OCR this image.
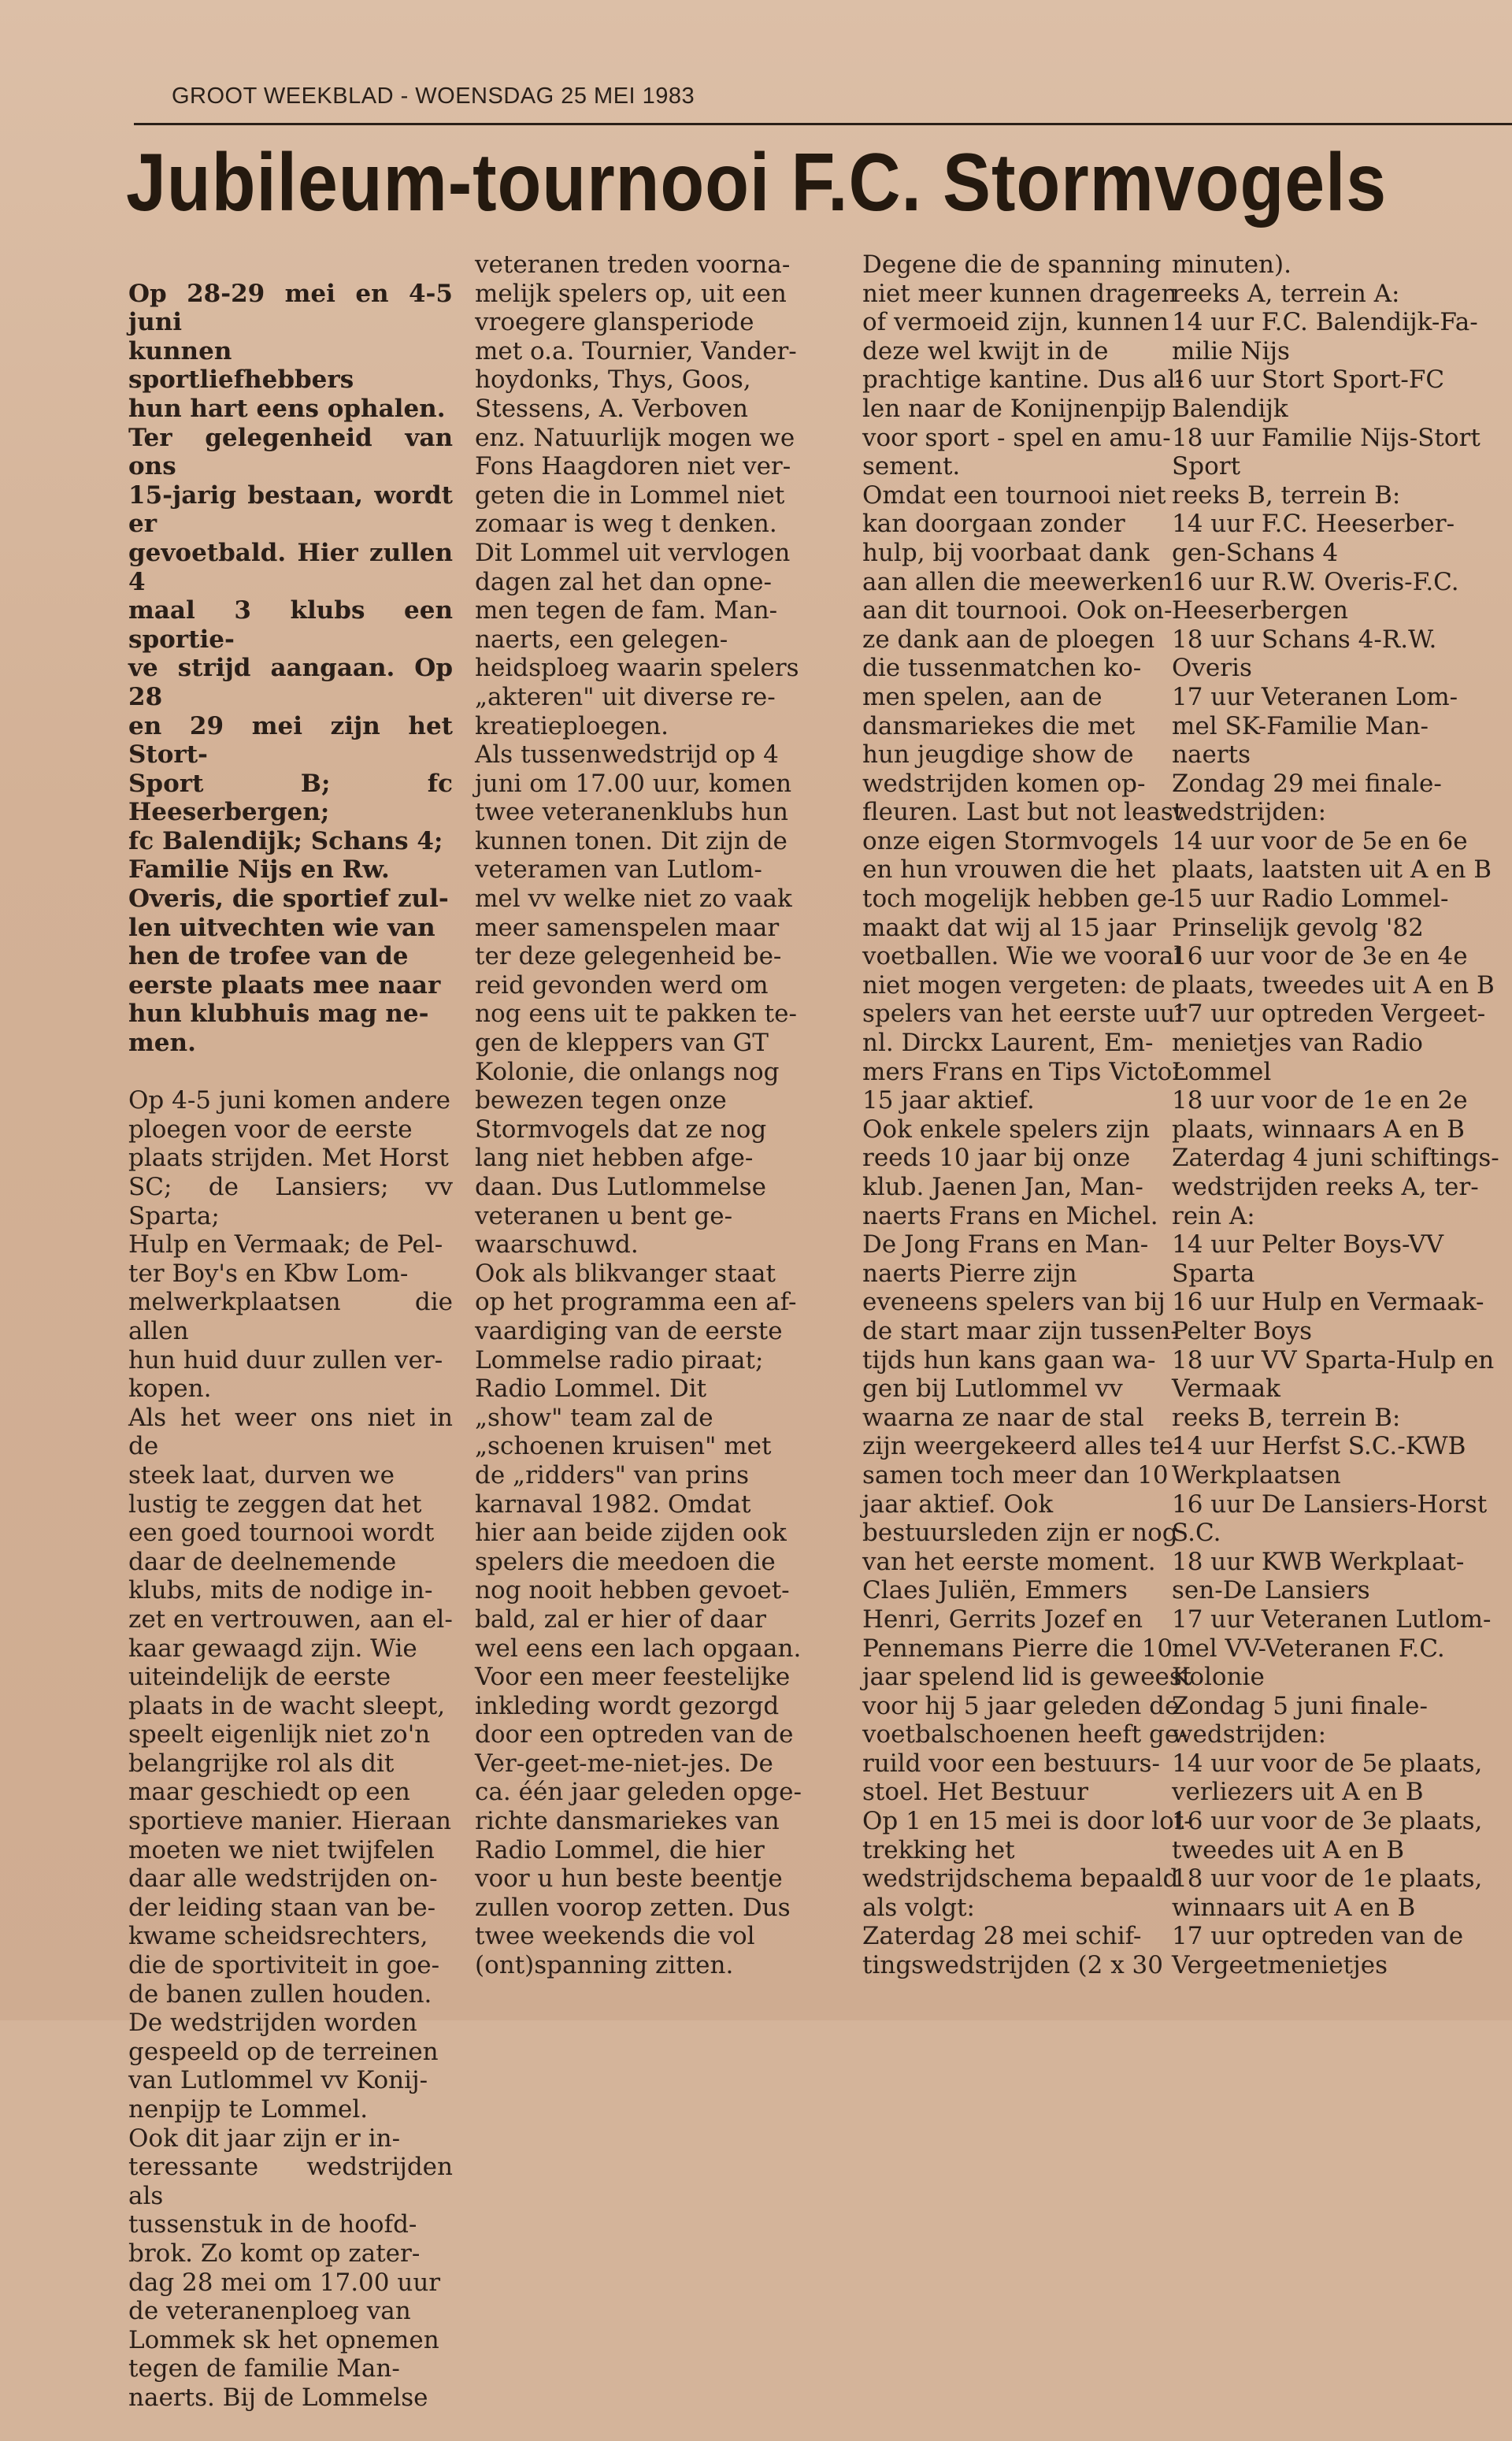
GROOT WEEKBLAD - WOENSDAG 25 MEI 1983
Jubileum-tournooi F.C. Stormvogels

Op 28-29 mei en 4-5 juni
kunnen sportliefhebbers
hun hart eens ophalen.
Ter gelegenheid van ons
15-jarig bestaan, wordt er
gevoetbald. Hier zullen 4
maal 3 klubs een sportie-
ve strijd aangaan. Op 28
en 29 mei zijn het Stort-
Sport B; fc Heeserbergen;
fc Balendijk; Schans 4;
Familie Nijs en Rw.
Overis, die sportief zul-
len uitvechten wie van
hen de trofee van de
eerste plaats mee naar
hun klubhuis mag ne-
men.

Op 4-5 juni komen andere
ploegen voor de eerste
plaats strijden. Met Horst
SC; de Lansiers; vv Sparta;
Hulp en Vermaak; de Pel-
ter Boy's en Kbw Lom-
melwerkplaatsen die allen
hun huid duur zullen ver-
kopen.
Als het weer ons niet in de
steek laat, durven we
lustig te zeggen dat het
een goed tournooi wordt
daar de deelnemende
klubs, mits de nodige in-
zet en vertrouwen, aan el-
kaar gewaagd zijn. Wie
uiteindelijk de eerste
plaats in de wacht sleept,
speelt eigenlijk niet zo'n
belangrijke rol als dit
maar geschiedt op een
sportieve manier. Hieraan
moeten we niet twijfelen
daar alle wedstrijden on-
der leiding staan van be-
kwame scheidsrechters,
die de sportiviteit in goe-
de banen zullen houden.
De wedstrijden worden
gespeeld op de terreinen
van Lutlommel vv Konij-
nenpijp te Lommel.
Ook dit jaar zijn er in-
teressante wedstrijden als
tussenstuk in de hoofd-
brok. Zo komt op zater-
dag 28 mei om 17.00 uur
de veteranenploeg van
Lommek sk het opnemen
tegen de familie Man-
naerts. Bij de Lommelse

veteranen treden voorna-
melijk spelers op, uit een
vroegere glansperiode
met o.a. Tournier, Vander-
hoydonks, Thys, Goos,
Stessens, A. Verboven
enz. Natuurlijk mogen we
Fons Haagdoren niet ver-
geten die in Lommel niet
zomaar is weg t denken.
Dit Lommel uit vervlogen
dagen zal het dan opne-
men tegen de fam. Man-
naerts, een gelegen-
heidsploeg waarin spelers
„akteren" uit diverse re-
kreatieploegen.
Als tussenwedstrijd op 4
juni om 17.00 uur, komen
twee veteranenklubs hun
kunnen tonen. Dit zijn de
veteramen van Lutlom-
mel vv welke niet zo vaak
meer samenspelen maar
ter deze gelegenheid be-
reid gevonden werd om
nog eens uit te pakken te-
gen de kleppers van GT
Kolonie, die onlangs nog
bewezen tegen onze
Stormvogels dat ze nog
lang niet hebben afge-
daan. Dus Lutlommelse
veteranen u bent ge-
waarschuwd.
Ook als blikvanger staat
op het programma een af-
vaardiging van de eerste
Lommelse radio piraat;
Radio Lommel. Dit
„show" team zal de
„schoenen kruisen" met
de „ridders" van prins
karnaval 1982. Omdat
hier aan beide zijden ook
spelers die meedoen die
nog nooit hebben gevoet-
bald, zal er hier of daar
wel eens een lach opgaan.
Voor een meer feestelijke
inkleding wordt gezorgd
door een optreden van de
Ver-geet-me-niet-jes. De
ca. één jaar geleden opge-
richte dansmariekes van
Radio Lommel, die hier
voor u hun beste beentje
zullen voorop zetten. Dus
twee weekends die vol
(ont)spanning zitten.
Degene die de spanning
niet meer kunnen dragen
of vermoeid zijn, kunnen
deze wel kwijt in de
prachtige kantine. Dus al-
len naar de Konijnenpijp
voor sport - spel en amu-
sement.
Omdat een tournooi niet
kan doorgaan zonder
hulp, bij voorbaat dank
aan allen die meewerken
aan dit tournooi. Ook on-
ze dank aan de ploegen
die tussenmatchen ko-
men spelen, aan de
dansmariekes die met
hun jeugdige show de
wedstrijden komen op-
fleuren. Last but not least
onze eigen Stormvogels
en hun vrouwen die het
toch mogelijk hebben ge-
maakt dat wij al 15 jaar
voetballen. Wie we vooral
niet mogen vergeten: de
spelers van het eerste uur
nl. Dirckx Laurent, Em-
mers Frans en Tips Victor
15 jaar aktief.
Ook enkele spelers zijn
reeds 10 jaar bij onze
klub. Jaenen Jan, Man-
naerts Frans en Michel.
De Jong Frans en Man-
naerts Pierre zijn
eveneens spelers van bij
de start maar zijn tussen-
tijds hun kans gaan wa-
gen bij Lutlommel vv
waarna ze naar de stal
zijn weergekeerd alles te-
samen toch meer dan 10
jaar aktief. Ook
bestuursleden zijn er nog
van het eerste moment.
Claes Juliën, Emmers
Henri, Gerrits Jozef en
Pennemans Pierre die 10
jaar spelend lid is geweest
voor hij 5 jaar geleden de
voetbalschoenen heeft ge-
ruild voor een bestuurs-
stoel. Het Bestuur
Op 1 en 15 mei is door lot-
trekking het
wedstrijdschema bepaald
als volgt:
Zaterdag 28 mei schif-
tingswedstrijden (2 x 30
minuten).
reeks A, terrein A:
14 uur F.C. Balendijk-Fa-
milie Nijs
16 uur Stort Sport-FC
Balendijk
18 uur Familie Nijs-Stort
Sport
reeks B, terrein B:
14 uur F.C. Heeserber-
gen-Schans 4
16 uur R.W. Overis-F.C.
Heeserbergen
18 uur Schans 4-R.W.
Overis
17 uur Veteranen Lom-
mel SK-Familie Man-
naerts
Zondag 29 mei finale-
wedstrijden:
14 uur voor de 5e en 6e
plaats, laatsten uit A en B
15 uur Radio Lommel-
Prinselijk gevolg '82
16 uur voor de 3e en 4e
plaats, tweedes uit A en B
17 uur optreden Vergeet-
menietjes van Radio
Lommel
18 uur voor de 1e en 2e
plaats, winnaars A en B
Zaterdag 4 juni schiftings-
wedstrijden reeks A, ter-
rein A:
14 uur Pelter Boys-VV
Sparta
16 uur Hulp en Vermaak-
Pelter Boys
18 uur VV Sparta-Hulp en
Vermaak
reeks B, terrein B:
14 uur Herfst S.C.-KWB
Werkplaatsen
16 uur De Lansiers-Horst
S.C.
18 uur KWB Werkplaat-
sen-De Lansiers
17 uur Veteranen Lutlom-
mel VV-Veteranen F.C.
Kolonie
Zondag 5 juni finale-
wedstrijden:
14 uur voor de 5e plaats,
verliezers uit A en B
16 uur voor de 3e plaats,
tweedes uit A en B
18 uur voor de 1e plaats,
winnaars uit A en B
17 uur optreden van de
Vergeetmenietjes
